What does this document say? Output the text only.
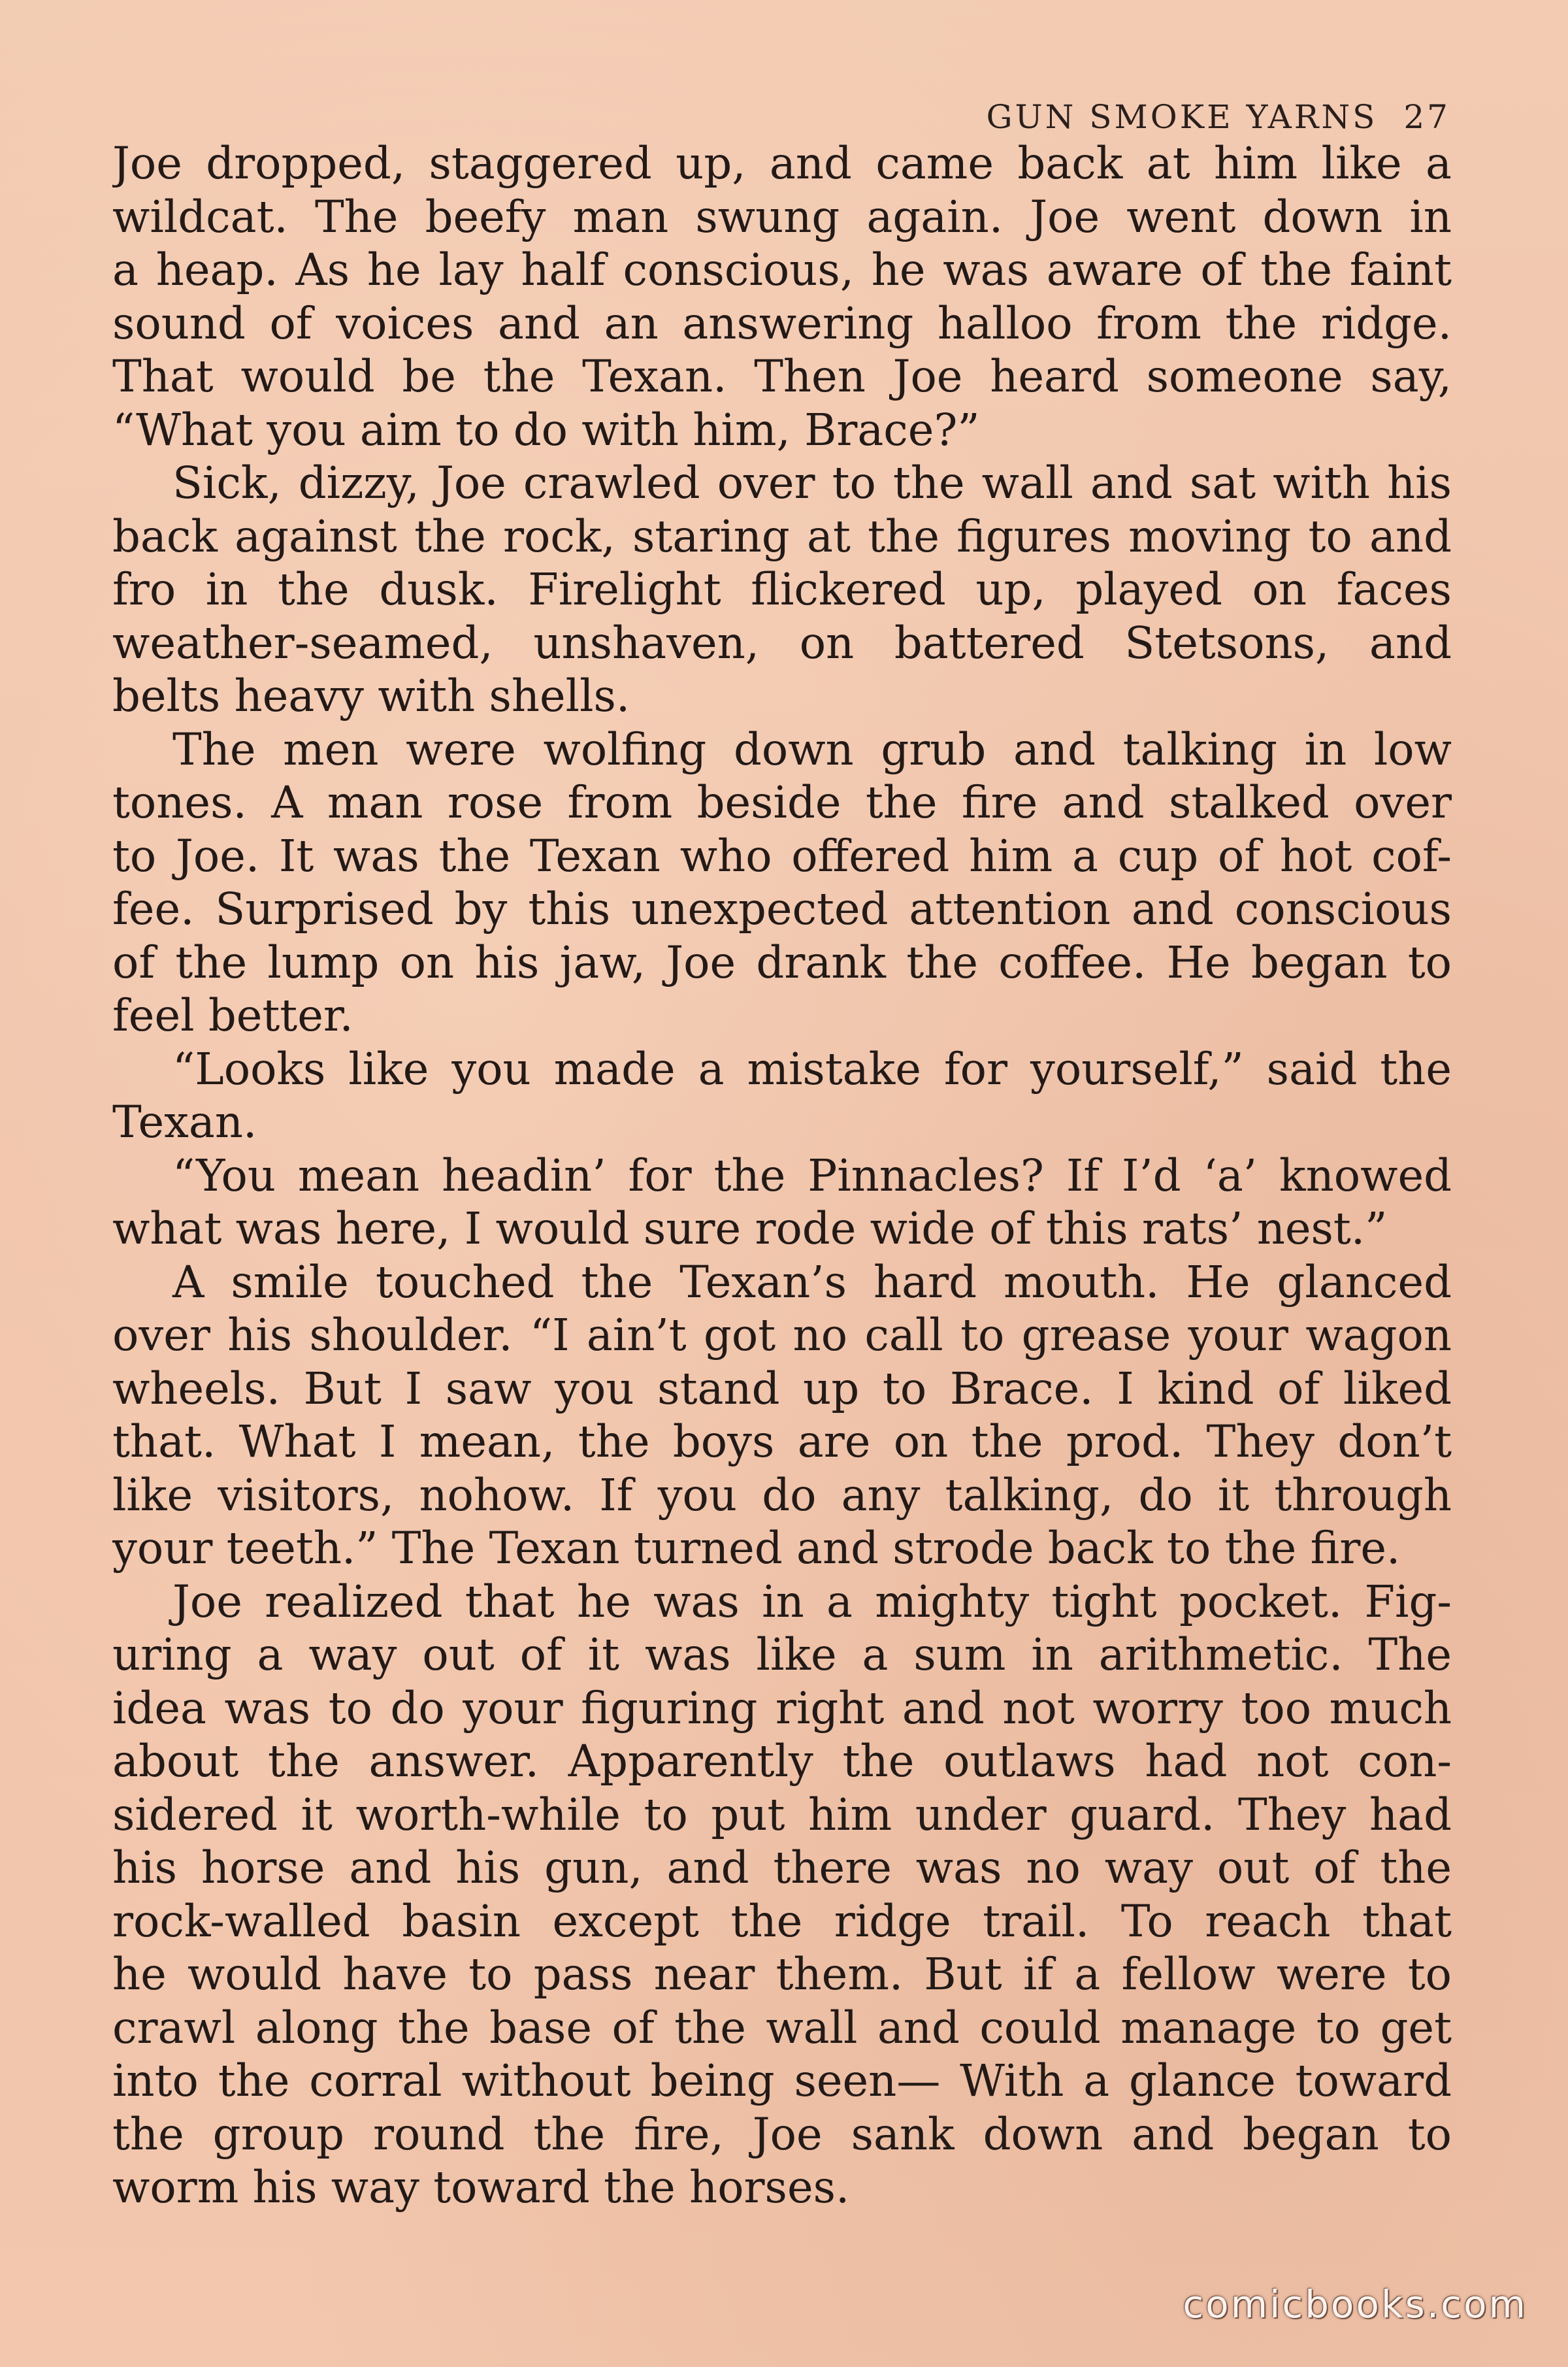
GUN SMOKE YARNS 27
Joe dropped, staggered up, and came back at him like a
wildcat. The beefy man swung again. Joe went down in
a heap. As he lay half conscious, he was aware of the faint
sound of voices and an answering halloo from the ridge.
That would be the Texan. Then Joe heard someone say,
“What you aim to do with him, Brace?”
Sick, dizzy, Joe crawled over to the wall and sat with his
back against the rock, staring at the figures moving to and
fro in the dusk. Firelight flickered up, played on faces
weather-seamed, unshaven, on battered Stetsons, and
belts heavy with shells.
The men were wolfing down grub and talking in low
tones. A man rose from beside the fire and stalked over
to Joe. It was the Texan who offered him a cup of hot cof-
fee. Surprised by this unexpected attention and conscious
of the lump on his jaw, Joe drank the coffee. He began to
feel better.
“Looks like you made a mistake for yourself,” said the
Texan.
“You mean headin’ for the Pinnacles? If I’d ‘a’ knowed
what was here, I would sure rode wide of this rats’ nest.”
A smile touched the Texan’s hard mouth. He glanced
over his shoulder. “I ain’t got no call to grease your wagon
wheels. But I saw you stand up to Brace. I kind of liked
that. What I mean, the boys are on the prod. They don’t
like visitors, nohow. If you do any talking, do it through
your teeth.” The Texan turned and strode back to the fire.
Joe realized that he was in a mighty tight pocket. Fig-
uring a way out of it was like a sum in arithmetic. The
idea was to do your figuring right and not worry too much
about the answer. Apparently the outlaws had not con-
sidered it worth-while to put him under guard. They had
his horse and his gun, and there was no way out of the
rock-walled basin except the ridge trail. To reach that
he would have to pass near them. But if a fellow were to
crawl along the base of the wall and could manage to get
into the corral without being seen— With a glance toward
the group round the fire, Joe sank down and began to
worm his way toward the horses.
comicbooks.com
